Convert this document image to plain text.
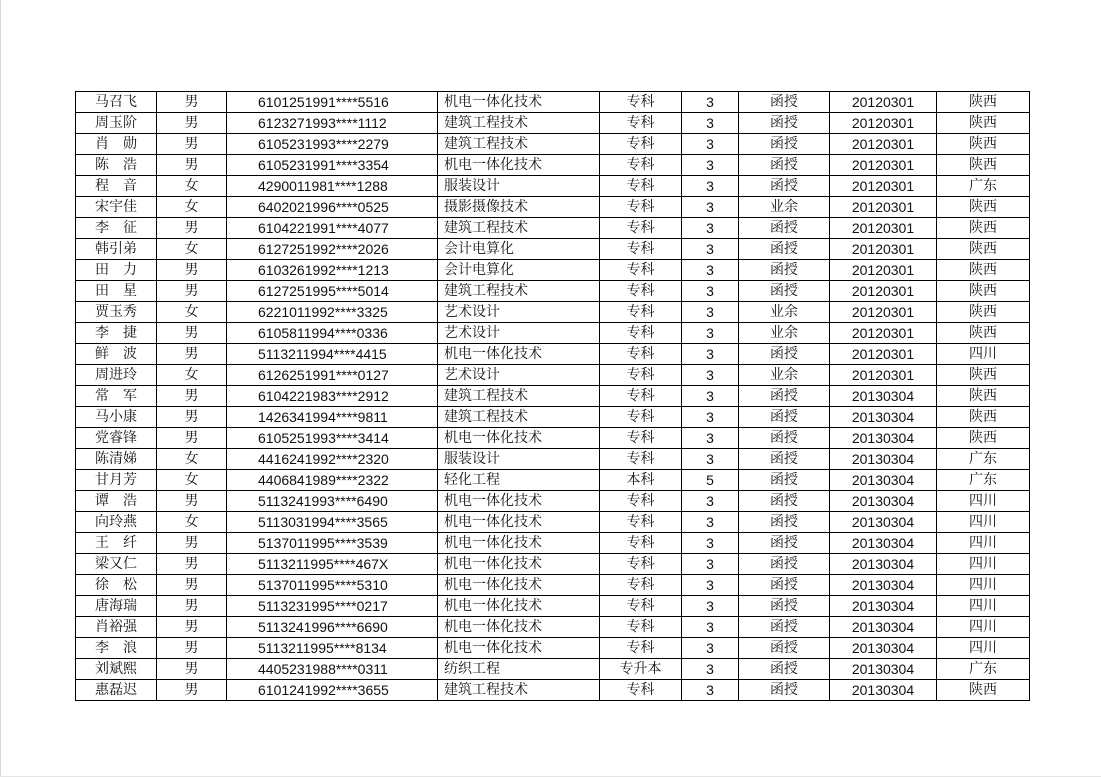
马召飞	男	6101251991****5516	机电一体化技术	专科	3	函授	20120301	陕西
周玉阶	男	6123271993****1112	建筑工程技术	专科	3	函授	20120301	陕西
肖　勋	男	6105231993****2279	建筑工程技术	专科	3	函授	20120301	陕西
陈　浩	男	6105231991****3354	机电一体化技术	专科	3	函授	20120301	陕西
程　音	女	4290011981****1288	服装设计	专科	3	函授	20120301	广东
宋宇佳	女	6402021996****0525	摄影摄像技术	专科	3	业余	20120301	陕西
李　征	男	6104221991****4077	建筑工程技术	专科	3	函授	20120301	陕西
韩引弟	女	6127251992****2026	会计电算化	专科	3	函授	20120301	陕西
田　力	男	6103261992****1213	会计电算化	专科	3	函授	20120301	陕西
田　星	男	6127251995****5014	建筑工程技术	专科	3	函授	20120301	陕西
贾玉秀	女	6221011992****3325	艺术设计	专科	3	业余	20120301	陕西
李　捷	男	6105811994****0336	艺术设计	专科	3	业余	20120301	陕西
鲜　波	男	5113211994****4415	机电一体化技术	专科	3	函授	20120301	四川
周进玲	女	6126251991****0127	艺术设计	专科	3	业余	20120301	陕西
常　军	男	6104221983****2912	建筑工程技术	专科	3	函授	20130304	陕西
马小康	男	1426341994****9811	建筑工程技术	专科	3	函授	20130304	陕西
党睿锋	男	6105251993****3414	机电一体化技术	专科	3	函授	20130304	陕西
陈清娣	女	4416241992****2320	服装设计	专科	3	函授	20130304	广东
甘月芳	女	4406841989****2322	轻化工程	本科	5	函授	20130304	广东
谭　浩	男	5113241993****6490	机电一体化技术	专科	3	函授	20130304	四川
向玲燕	女	5113031994****3565	机电一体化技术	专科	3	函授	20130304	四川
王　纤	男	5137011995****3539	机电一体化技术	专科	3	函授	20130304	四川
梁又仁	男	5113211995****467X	机电一体化技术	专科	3	函授	20130304	四川
徐　松	男	5137011995****5310	机电一体化技术	专科	3	函授	20130304	四川
唐海瑞	男	5113231995****0217	机电一体化技术	专科	3	函授	20130304	四川
肖裕强	男	5113241996****6690	机电一体化技术	专科	3	函授	20130304	四川
李　浪	男	5113211995****8134	机电一体化技术	专科	3	函授	20130304	四川
刘斌熙	男	4405231988****0311	纺织工程	专升本	3	函授	20130304	广东
惠磊迟	男	6101241992****3655	建筑工程技术	专科	3	函授	20130304	陕西
